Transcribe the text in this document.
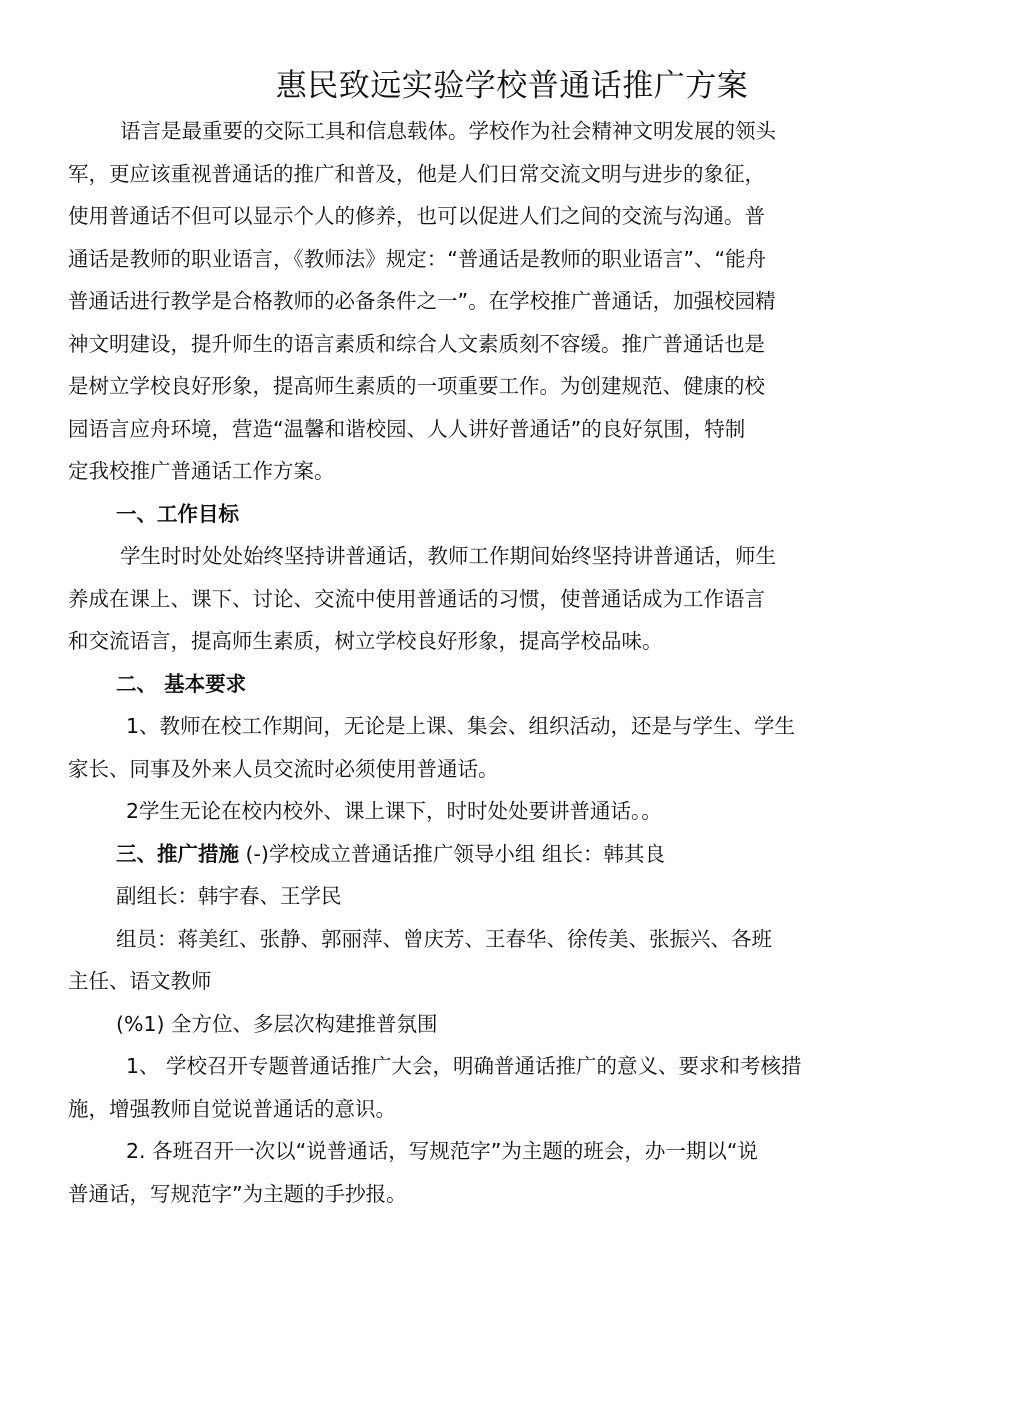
惠民致远实验学校普通话推广方案
语言是最重要的交际工具和信息载体。学校作为社会精神文明发展的领头
军，更应该重视普通话的推广和普及，他是人们日常交流文明与进步的象征，
使用普通话不但可以显示个人的修养，也可以促进人们之间的交流与沟通。普
通话是教师的职业语言，《教师法》规定：“普通话是教师的职业语言”、“能舟
普通话进行教学是合格教师的必备条件之一”。在学校推广普通话，加强校园精
神文明建设，提升师生的语言素质和综合人文素质刻不容缓。推广普通话也是
是树立学校良好形象，提高师生素质的一项重要工作。为创建规范、健康的校
园语言应舟环境，营造“温馨和谐校园、人人讲好普通话”的良好氛围，特制
定我校推广普通话工作方案。
一、工作目标
学生时时处处始终坚持讲普通话，教师工作期间始终坚持讲普通话，师生
养成在课上、课下、讨论、交流中使用普通话的习惯，使普通话成为工作语言
和交流语言，提高师生素质，树立学校良好形象，提高学校品味。
二、 基本要求
1、教师在校工作期间，无论是上课、集会、组织活动，还是与学生、学生
家长、同事及外来人员交流时必须使用普通话。
2学生无论在校内校外、课上课下，时时处处要讲普通话。。
三、推广措施 (-)学校成立普通话推广领导小组 组长：韩其良
副组长：韩宇春、王学民
组员：蒋美红、张静、郭丽萍、曾庆芳、王春华、徐传美、张振兴、各班
主任、语文教师
(%1) 全方位、多层次构建推普氛围
1、 学校召开专题普通话推广大会，明确普通话推广的意义、要求和考核措
施，增强教师自觉说普通话的意识。
2. 各班召开一次以“说普通话，写规范字”为主题的班会，办一期以“说
普通话，写规范字”为主题的手抄报。
